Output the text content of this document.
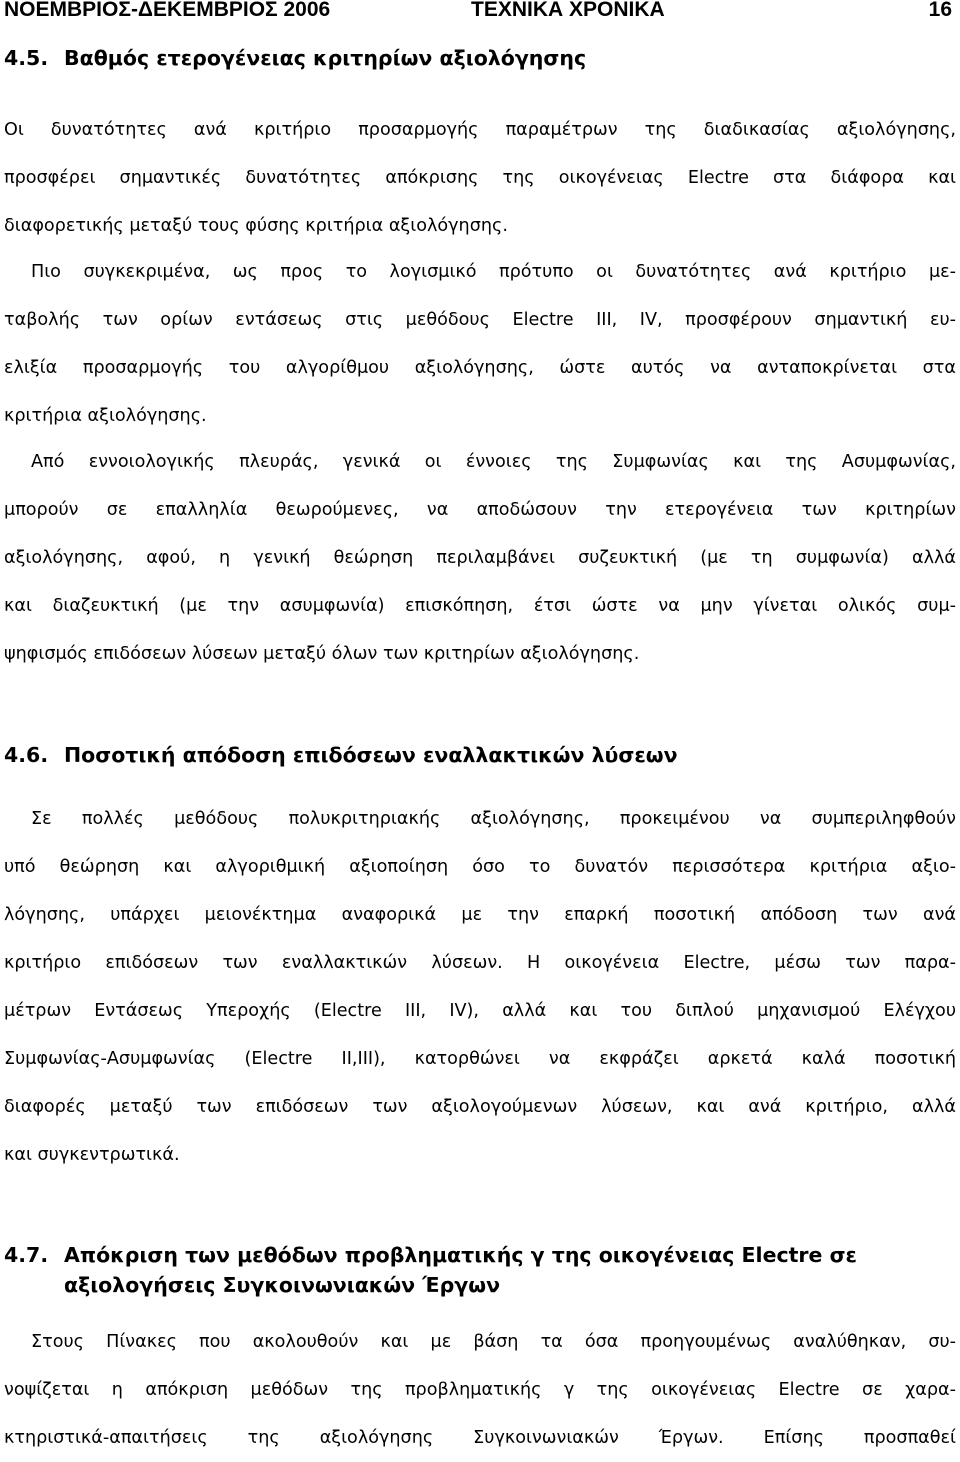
ΝΟΕΜΒΡΙΟΣ-ΔΕΚΕΜΒΡΙΟΣ 2006	ΤΕΧΝΙΚΑ ΧΡΟΝΙΚΑ	16
4.5. Βαθμός ετερογένειας κριτηρίων αξιολόγησης
Οι δυνατότητες ανά κριτήριο προσαρμογής παραμέτρων της διαδικασίας αξιολόγησης,
προσφέρει σημαντικές δυνατότητες απόκρισης της οικογένειας Electre στα διάφορα και
διαφορετικής μεταξύ τους φύσης κριτήρια αξιολόγησης.
Πιο συγκεκριμένα, ως προς το λογισμικό πρότυπο οι δυνατότητες ανά κριτήριο με-
ταβολής των ορίων εντάσεως στις μεθόδους Electre III, IV, προσφέρουν σημαντική ευ-
ελιξία προσαρμογής του αλγορίθμου αξιολόγησης, ώστε αυτός να ανταποκρίνεται στα
κριτήρια αξιολόγησης.
Από εννοιολογικής πλευράς, γενικά οι έννοιες της Συμφωνίας και της Ασυμφωνίας,
μπορούν σε επαλληλία θεωρούμενες, να αποδώσουν την ετερογένεια των κριτηρίων
αξιολόγησης, αφού, η γενική θεώρηση περιλαμβάνει συζευκτική (με τη συμφωνία) αλλά
και διαζευκτική (με την ασυμφωνία) επισκόπηση, έτσι ώστε να μην γίνεται ολικός συμ-
ψηφισμός επιδόσεων λύσεων μεταξύ όλων των κριτηρίων αξιολόγησης.
4.6. Ποσοτική απόδοση επιδόσεων εναλλακτικών λύσεων
Σε πολλές μεθόδους πολυκριτηριακής αξιολόγησης, προκειμένου να συμπεριληφθούν
υπό θεώρηση και αλγοριθμική αξιοποίηση όσο το δυνατόν περισσότερα κριτήρια αξιο-
λόγησης, υπάρχει μειονέκτημα αναφορικά με την επαρκή ποσοτική απόδοση των ανά
κριτήριο επιδόσεων των εναλλακτικών λύσεων. Η οικογένεια Electre, μέσω των παρα-
μέτρων Εντάσεως Υπεροχής (Electre III, IV), αλλά και του διπλού μηχανισμού Ελέγχου
Συμφωνίας-Ασυμφωνίας (Electre II,III), κατορθώνει να εκφράζει αρκετά καλά ποσοτική
διαφορές μεταξύ των επιδόσεων των αξιολογούμενων λύσεων, και ανά κριτήριο, αλλά
και συγκεντρωτικά.
4.7. Απόκριση των μεθόδων προβληματικής γ της οικογένειας Electre σε
αξιολογήσεις Συγκοινωνιακών Έργων
Στους Πίνακες που ακολουθούν και με βάση τα όσα προηγουμένως αναλύθηκαν, συ-
νοψίζεται η απόκριση μεθόδων της προβληματικής γ της οικογένειας Electre σε χαρα-
κτηριστικά-απαιτήσεις της αξιολόγησης Συγκοινωνιακών Έργων. Επίσης προσπαθεί
